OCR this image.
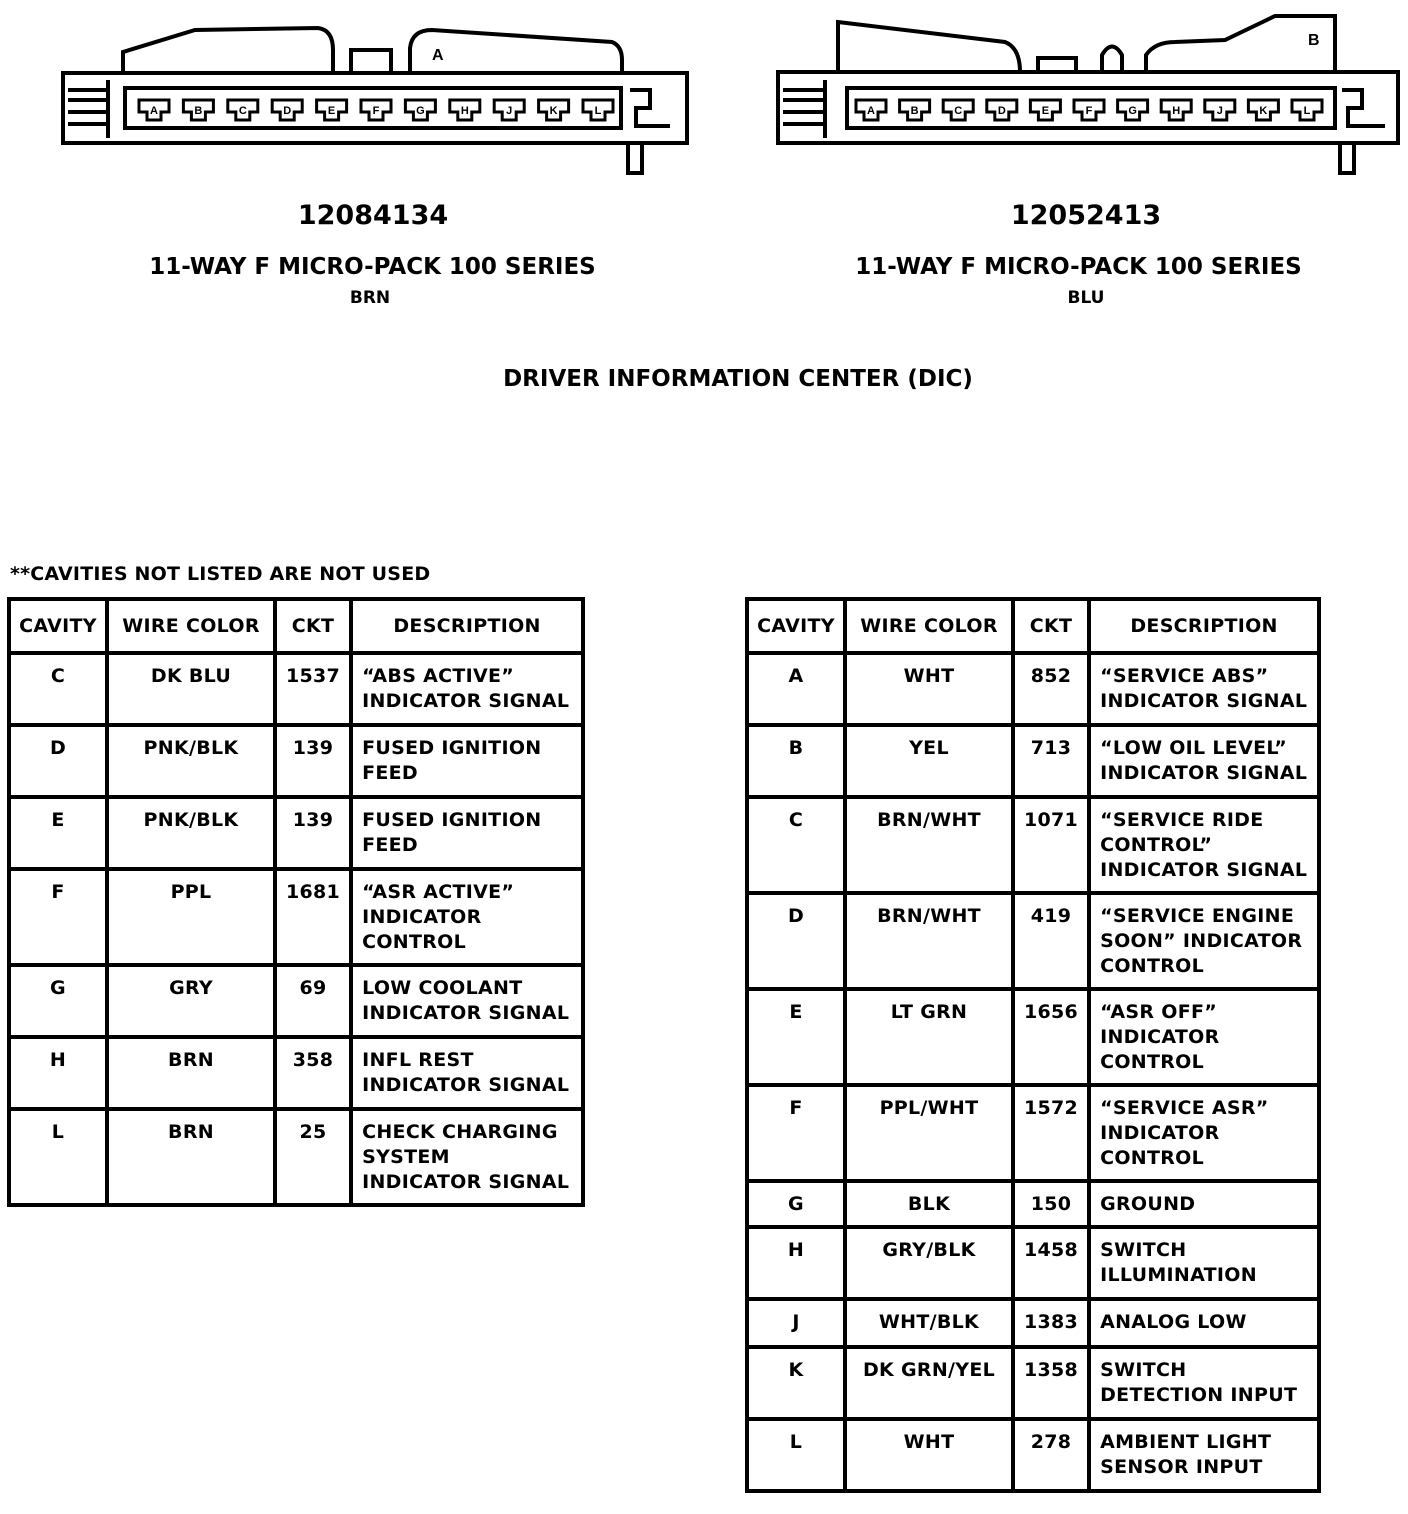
A	B	C	D	E	F	G	H	J	K	L	A	B	C	D	E	F	G	H	J	K	L
A
B
12084134
11-WAY F MICRO-PACK 100 SERIES
BRN
12052413
11-WAY F MICRO-PACK 100 SERIES
BLU
DRIVER INFORMATION CENTER (DIC)
**CAVITIES NOT LISTED ARE NOT USED
CAVITY	WIRE COLOR	CKT	DESCRIPTION
C	DK BLU	1537	“ABS ACTIVE”
INDICATOR SIGNAL
D	PNK/BLK	139	FUSED IGNITION
FEED
E	PNK/BLK	139	FUSED IGNITION
FEED
F	PPL	1681	“ASR ACTIVE”
INDICATOR
CONTROL
G	GRY	69	LOW COOLANT
INDICATOR SIGNAL
H	BRN	358	INFL REST
INDICATOR SIGNAL
L	BRN	25	CHECK CHARGING
SYSTEM
INDICATOR SIGNAL
CAVITY	WIRE COLOR	CKT	DESCRIPTION
A	WHT	852	“SERVICE ABS”
INDICATOR SIGNAL
B	YEL	713	“LOW OIL LEVEL”
INDICATOR SIGNAL
C	BRN/WHT	1071	“SERVICE RIDE
CONTROL”
INDICATOR SIGNAL
D	BRN/WHT	419	“SERVICE ENGINE
SOON” INDICATOR
CONTROL
E	LT GRN	1656	“ASR OFF”
INDICATOR
CONTROL
F	PPL/WHT	1572	“SERVICE ASR”
INDICATOR
CONTROL
G	BLK	150	GROUND
H	GRY/BLK	1458	SWITCH
ILLUMINATION
J	WHT/BLK	1383	ANALOG LOW
K	DK GRN/YEL	1358	SWITCH
DETECTION INPUT
L	WHT	278	AMBIENT LIGHT
SENSOR INPUT
